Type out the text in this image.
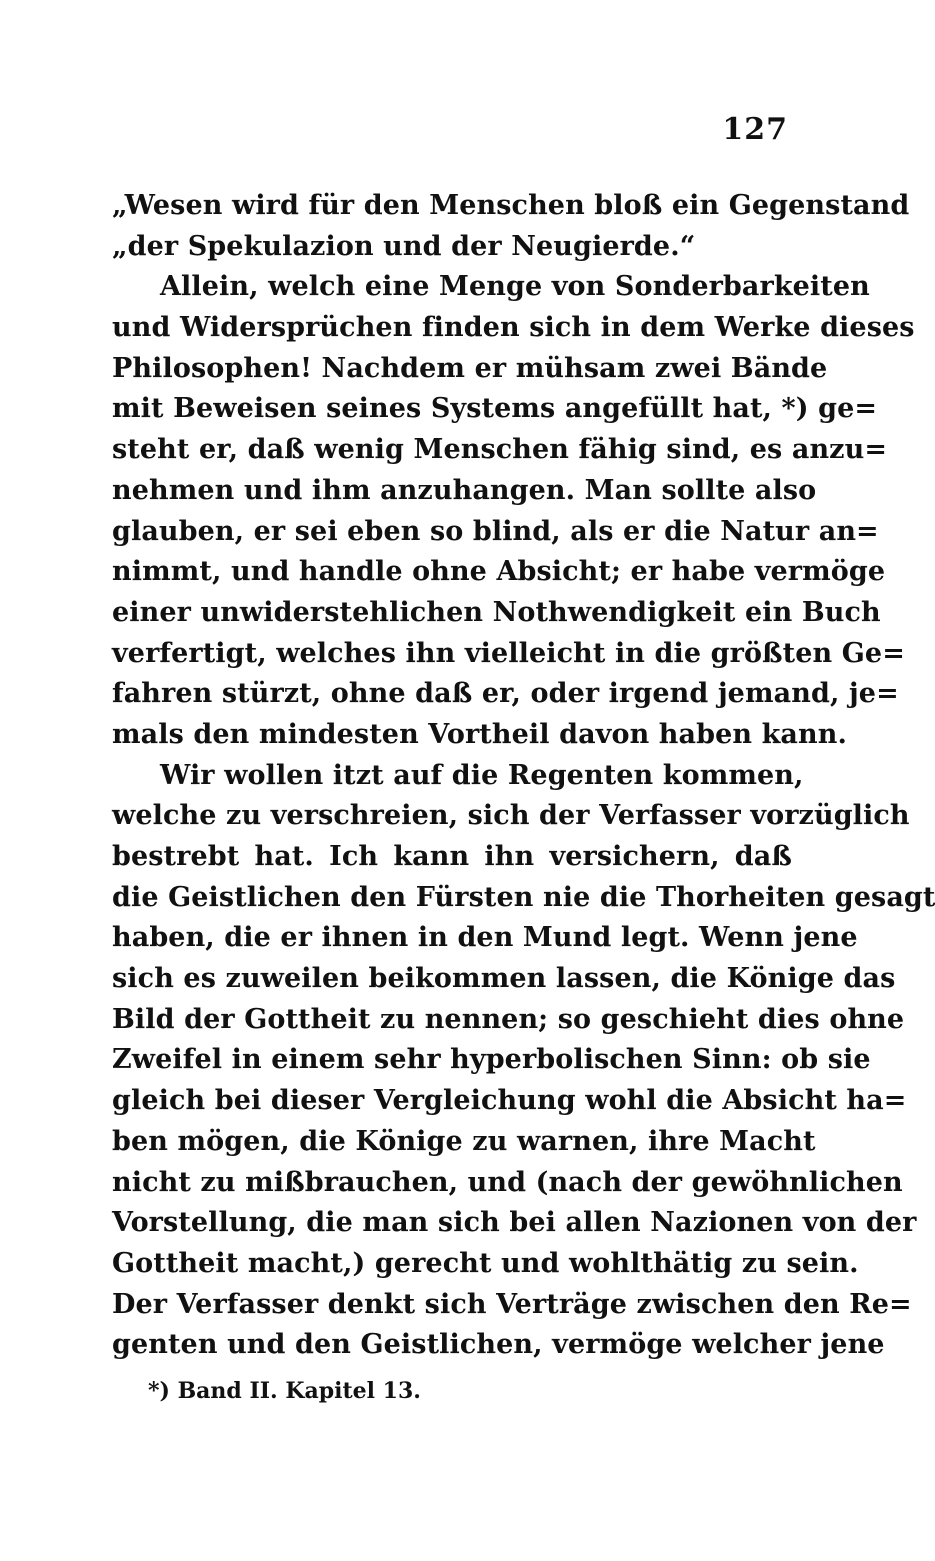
127
„Wesen wird für den Menschen bloß ein Gegenstand
„der Spekulazion und der Neugierde.“
Allein, welch eine Menge von Sonderbarkeiten
und Widersprüchen finden sich in dem Werke dieses
Philosophen! Nachdem er mühsam zwei Bände
mit Beweisen seines Systems angefüllt hat, *) ge=
steht er, daß wenig Menschen fähig sind, es anzu=
nehmen und ihm anzuhangen. Man sollte also
glauben, er sei eben so blind, als er die Natur an=
nimmt, und handle ohne Absicht; er habe vermöge
einer unwiderstehlichen Nothwendigkeit ein Buch
verfertigt, welches ihn vielleicht in die größten Ge=
fahren stürzt, ohne daß er, oder irgend jemand, je=
mals den mindesten Vortheil davon haben kann.
Wir wollen itzt auf die Regenten kommen,
welche zu verschreien, sich der Verfasser vorzüglich
bestrebt hat. Ich kann ihn versichern, daß
die Geistlichen den Fürsten nie die Thorheiten gesagt
haben, die er ihnen in den Mund legt. Wenn jene
sich es zuweilen beikommen lassen, die Könige das
Bild der Gottheit zu nennen; so geschieht dies ohne
Zweifel in einem sehr hyperbolischen Sinn: ob sie
gleich bei dieser Vergleichung wohl die Absicht ha=
ben mögen, die Könige zu warnen, ihre Macht
nicht zu mißbrauchen, und (nach der gewöhnlichen
Vorstellung, die man sich bei allen Nazionen von der
Gottheit macht,) gerecht und wohlthätig zu sein.
Der Verfasser denkt sich Verträge zwischen den Re=
genten und den Geistlichen, vermöge welcher jene
*) Band II. Kapitel 13.
